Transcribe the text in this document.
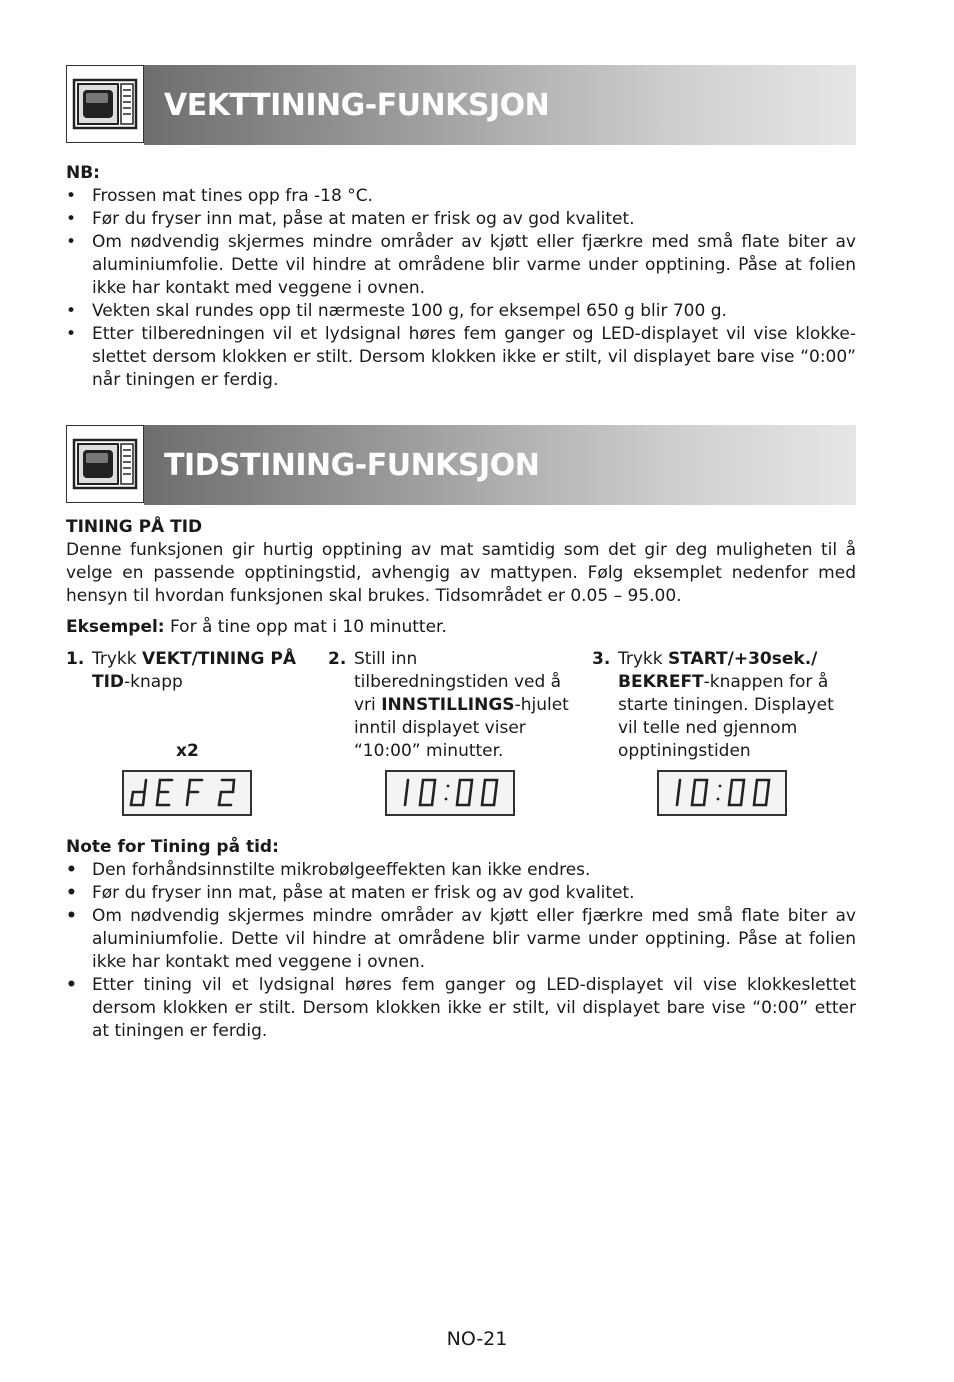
VEKTTINING-FUNKSJON
NB:
• Frossen mat tines opp fra -18 °C.
• Før du fryser inn mat, påse at maten er frisk og av god kvalitet.
• Om nødvendig skjermes mindre områder av kjøtt eller fjærkre med små flate biter av aluminiumfolie. Dette vil hindre at områdene blir varme under opptining. Påse at folien ikke har kontakt med veggene i ovnen.
• Vekten skal rundes opp til nærmeste 100 g, for eksempel 650 g blir 700 g.
• Etter tilberedningen vil et lydsignal høres fem ganger og LED-displayet vil vise klokke-slettet dersom klokken er stilt. Dersom klokken ikke er stilt, vil displayet bare vise “0:00” når tiningen er ferdig.
TIDSTINING-FUNKSJON
TINING PÅ TID
Denne funksjonen gir hurtig opptining av mat samtidig som det gir deg muligheten til å velge en passende opptiningstid, avhengig av mattypen. Følg eksemplet nedenfor med hensyn til hvordan funksjonen skal brukes. Tidsområdet er 0.05 – 95.00.
Eksempel: For å tine opp mat i 10 minutter.
1. Trykk VEKT/TINING PÅ TID-knapp
x2
2. Still inn tilberedningstiden ved å vri INNSTILLINGS-hjulet inntil displayet viser “10:00” minutter.
3. Trykk START/+30sek./ BEKREFT-knappen for å starte tiningen. Displayet vil telle ned gjennom opptiningstiden
Note for Tining på tid:
• Den forhåndsinnstilte mikrobølgeeffekten kan ikke endres.
• Før du fryser inn mat, påse at maten er frisk og av god kvalitet.
• Om nødvendig skjermes mindre områder av kjøtt eller fjærkre med små flate biter av aluminiumfolie. Dette vil hindre at områdene blir varme under opptining. Påse at folien ikke har kontakt med veggene i ovnen.
• Etter tining vil et lydsignal høres fem ganger og LED-displayet vil vise klokkeslettet dersom klokken er stilt. Dersom klokken ikke er stilt, vil displayet bare vise “0:00” etter at tiningen er ferdig.
NO-21
